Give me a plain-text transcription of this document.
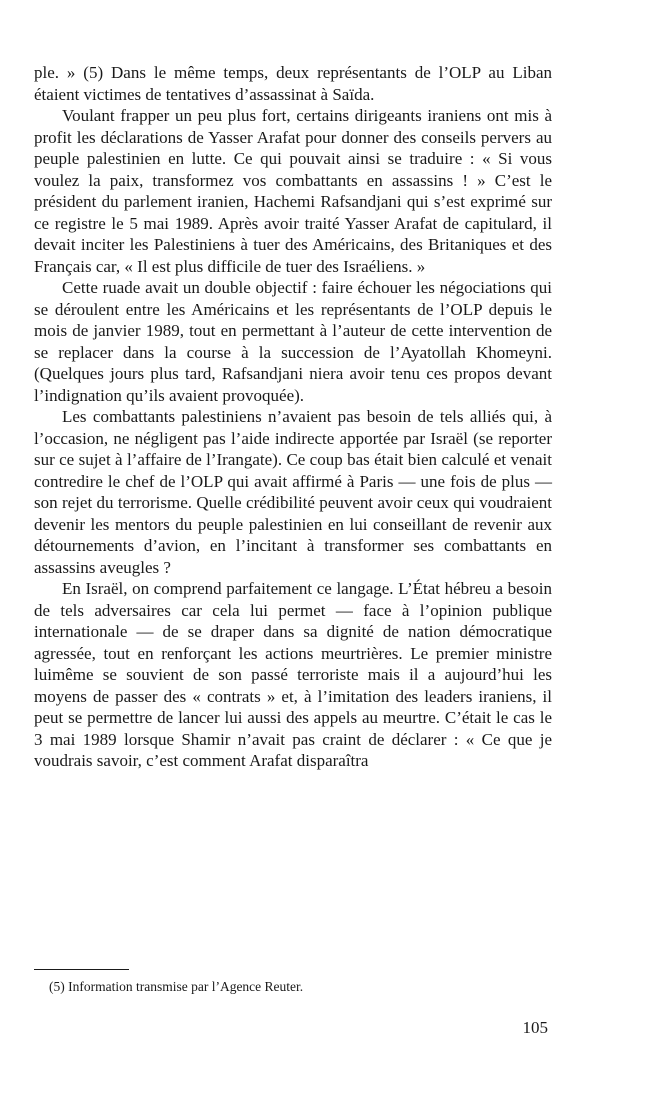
ple. » (5) Dans le même temps, deux représentants de l’OLP au Liban étaient victimes de tentatives d’assassinat à Saïda.

Voulant frapper un peu plus fort, certains dirigeants iraniens ont mis à profit les déclarations de Yasser Arafat pour donner des conseils pervers au peuple palestinien en lutte. Ce qui pouvait ainsi se traduire : « Si vous voulez la paix, transformez vos combattants en assassins ! » C’est le président du parlement iranien, Hachemi Rafsandjani qui s’est exprimé sur ce registre le 5 mai 1989. Après avoir traité Yasser Arafat de capitulard, il devait inciter les Palestiniens à tuer des Américains, des Britaniques et des Français car, « Il est plus difficile de tuer des Israéliens. »

Cette ruade avait un double objectif : faire échouer les négociations qui se déroulent entre les Américains et les représentants de l’OLP depuis le mois de janvier 1989, tout en permettant à l’auteur de cette intervention de se replacer dans la course à la succession de l’Ayatollah Khomeyni. (Quelques jours plus tard, Rafsandjani niera avoir tenu ces propos devant l’indignation qu’ils avaient provoquée).

Les combattants palestiniens n’avaient pas besoin de tels alliés qui, à l’occasion, ne négligent pas l’aide indirecte apportée par Israël (se reporter sur ce sujet à l’affaire de l’Irangate). Ce coup bas était bien calculé et venait contredire le chef de l’OLP qui avait affirmé à Paris — une fois de plus — son rejet du terrorisme. Quelle crédibilité peuvent avoir ceux qui voudraient devenir les mentors du peuple palestinien en lui conseillant de revenir aux détournements d’avion, en l’incitant à transformer ses combattants en assassins aveugles ?

En Israël, on comprend parfaitement ce langage. L’État hébreu a besoin de tels adversaires car cela lui permet — face à l’opinion publique internationale — de se draper dans sa dignité de nation démocratique agressée, tout en renforçant les actions meurtrières. Le premier ministre luimême se souvient de son passé terroriste mais il a aujourd’hui les moyens de passer des « contrats » et, à l’imitation des leaders iraniens, il peut se permettre de lancer lui aussi des appels au meurtre. C’était le cas le 3 mai 1989 lorsque Shamir n’avait pas craint de déclarer : « Ce que je voudrais savoir, c’est comment Arafat disparaîtra

(5) Information transmise par l’Agence Reuter.
105
